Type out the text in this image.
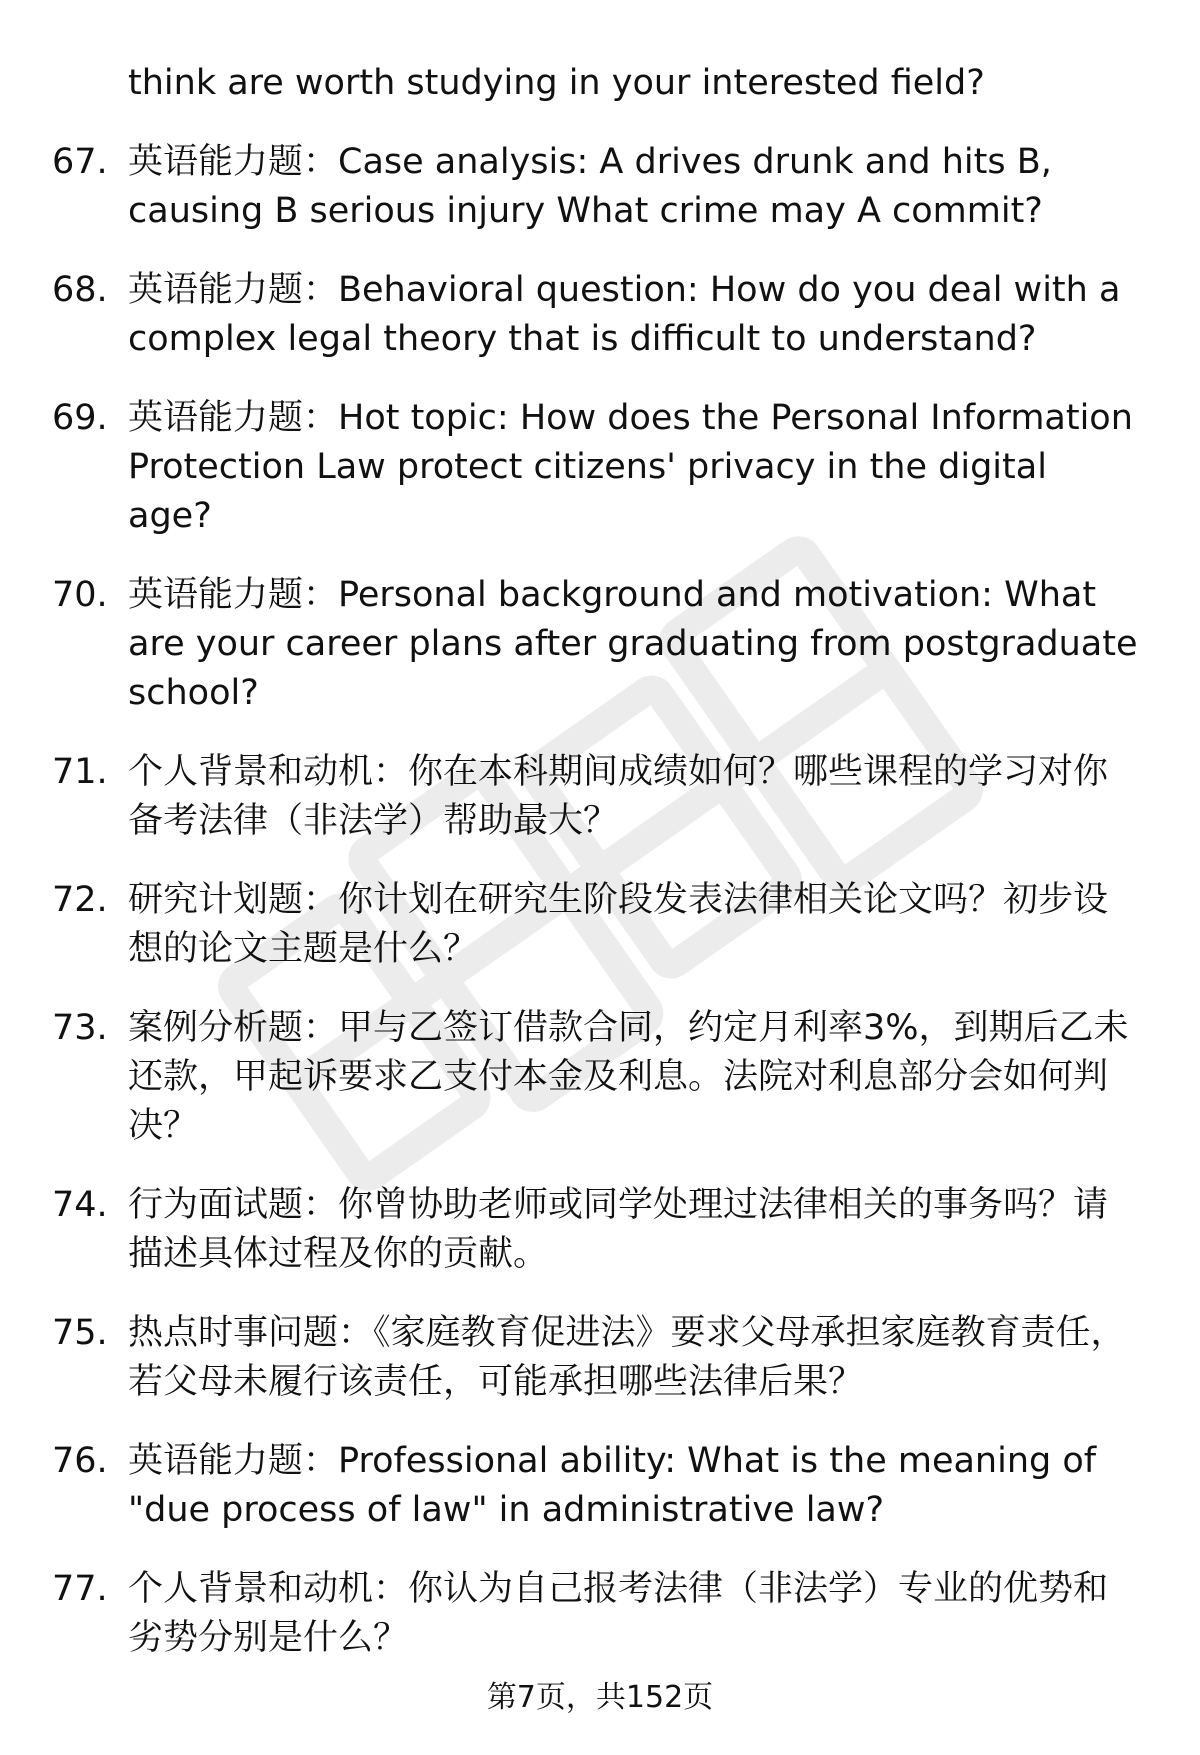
think are worth studying in your interested field?
67. 英语能力题：Case analysis: A drives drunk and hits B, causing B serious injury What crime may A commit?
68. 英语能力题：Behavioral question: How do you deal with a complex legal theory that is difficult to understand?
69. 英语能力题：Hot topic: How does the Personal Information Protection Law protect citizens' privacy in the digital age?
70. 英语能力题：Personal background and motivation: What are your career plans after graduating from postgraduate school?
71. 个人背景和动机：你在本科期间成绩如何？哪些课程的学习对你备考法律（非法学）帮助最大？
72. 研究计划题：你计划在研究生阶段发表法律相关论文吗？初步设想的论文主题是什么？
73. 案例分析题：甲与乙签订借款合同，约定月利率3%，到期后乙未还款，甲起诉要求乙支付本金及利息。法院对利息部分会如何判决？
74. 行为面试题：你曾协助老师或同学处理过法律相关的事务吗？请描述具体过程及你的贡献。
75. 热点时事问题：《家庭教育促进法》要求父母承担家庭教育责任，若父母未履行该责任，可能承担哪些法律后果？
76. 英语能力题：Professional ability: What is the meaning of "due process of law" in administrative law?
77. 个人背景和动机：你认为自己报考法律（非法学）专业的优势和劣势分别是什么？
第7页，共152页
